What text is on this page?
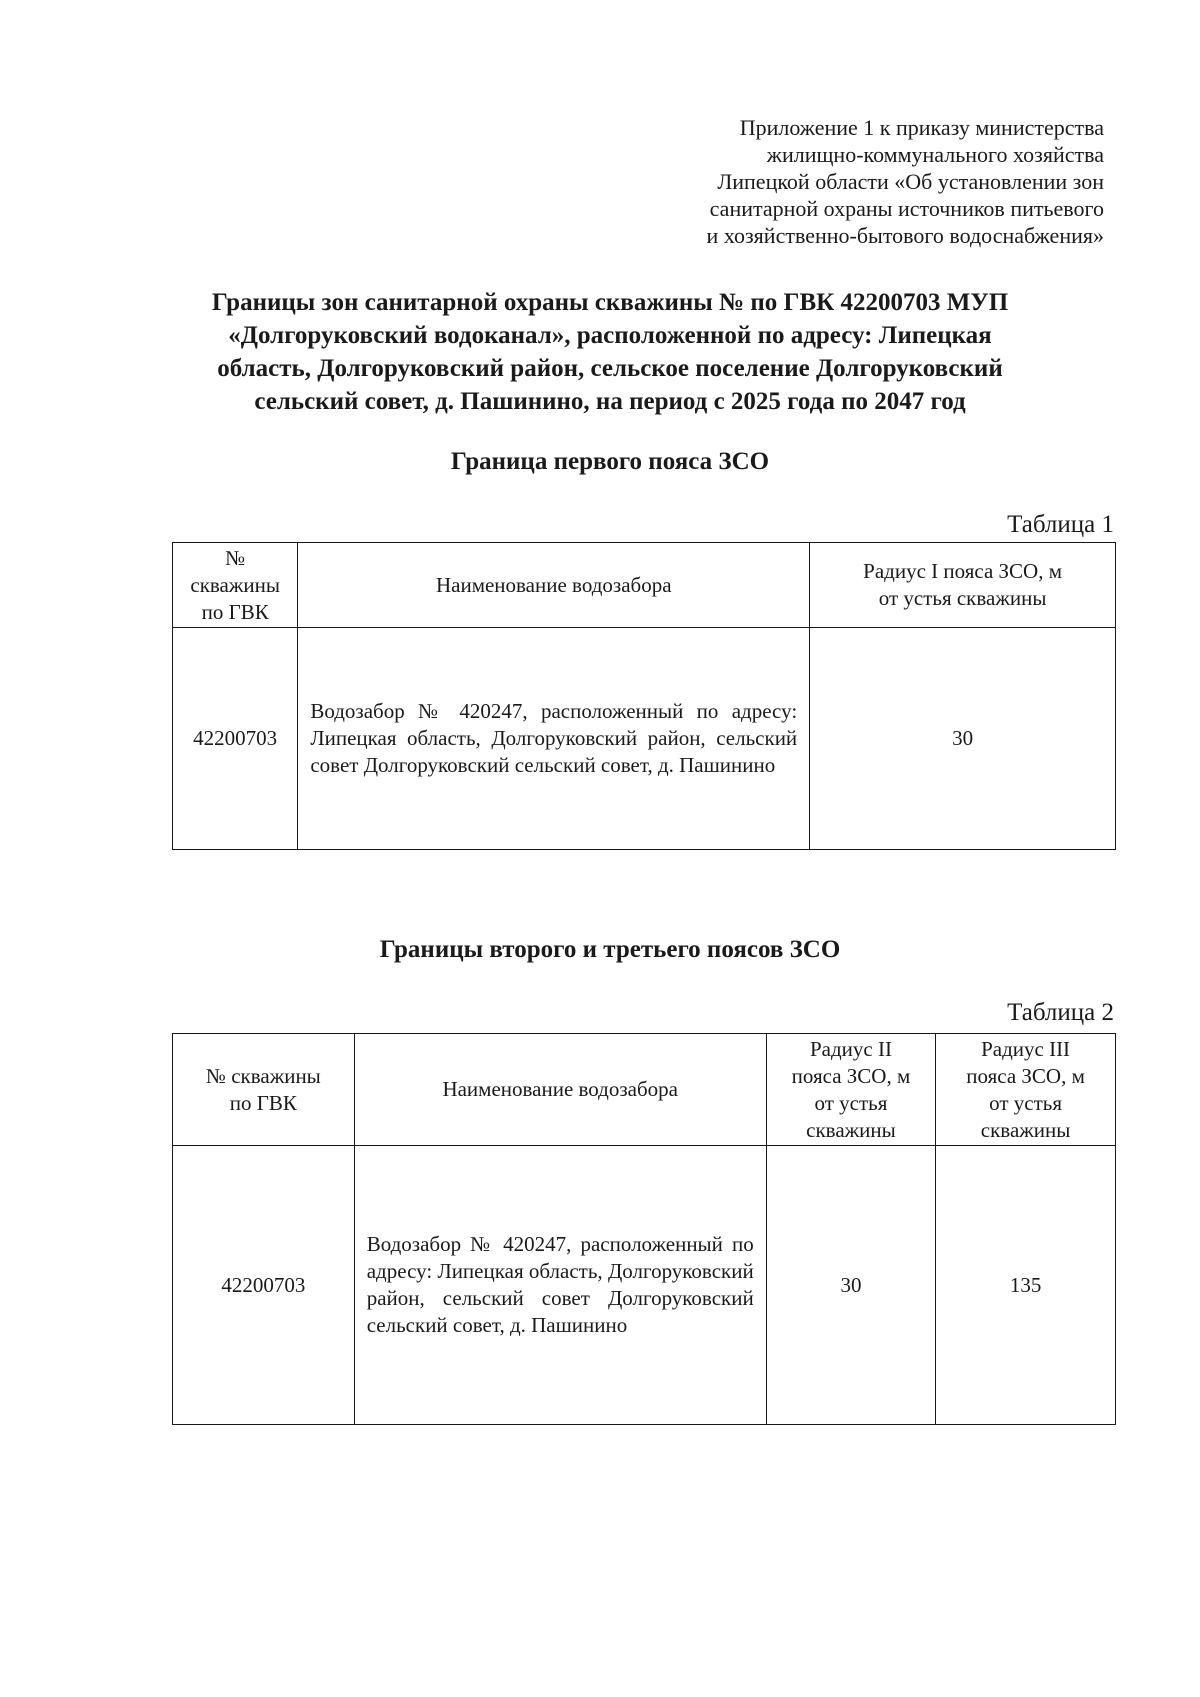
Приложение 1 к приказу министерства
жилищно-коммунального хозяйства
Липецкой области «Об установлении зон
санитарной охраны источников питьевого
и хозяйственно-бытового водоснабжения»
Границы зон санитарной охраны скважины № по ГВК 42200703 МУП
«Долгоруковский водоканал», расположенной по адресу: Липецкая
область, Долгоруковский район, сельское поселение Долгоруковский
сельский совет, д. Пашинино, на период с 2025 года по 2047 год
Граница первого пояса ЗСО
Таблица 1
№
скважины
по ГВК	Наименование водозабора	Радиус I пояса ЗСО, м
от устья скважины
42200703	Водозабор № 420247, расположенный по адресу: Липецкая область, Долгоруковский район, сельский совет Долгоруковский сельский совет, д. Пашинино	30
Границы второго и третьего поясов ЗСО
Таблица 2
№ скважины
по ГВК	Наименование водозабора	Радиус II
пояса ЗСО, м
от устья
скважины	Радиус III
пояса ЗСО, м
от устья
скважины
42200703	Водозабор № 420247, расположенный по адресу: Липецкая область, Долгоруковский район, сельский совет Долгоруковский сельский совет, д. Пашинино	30	135
